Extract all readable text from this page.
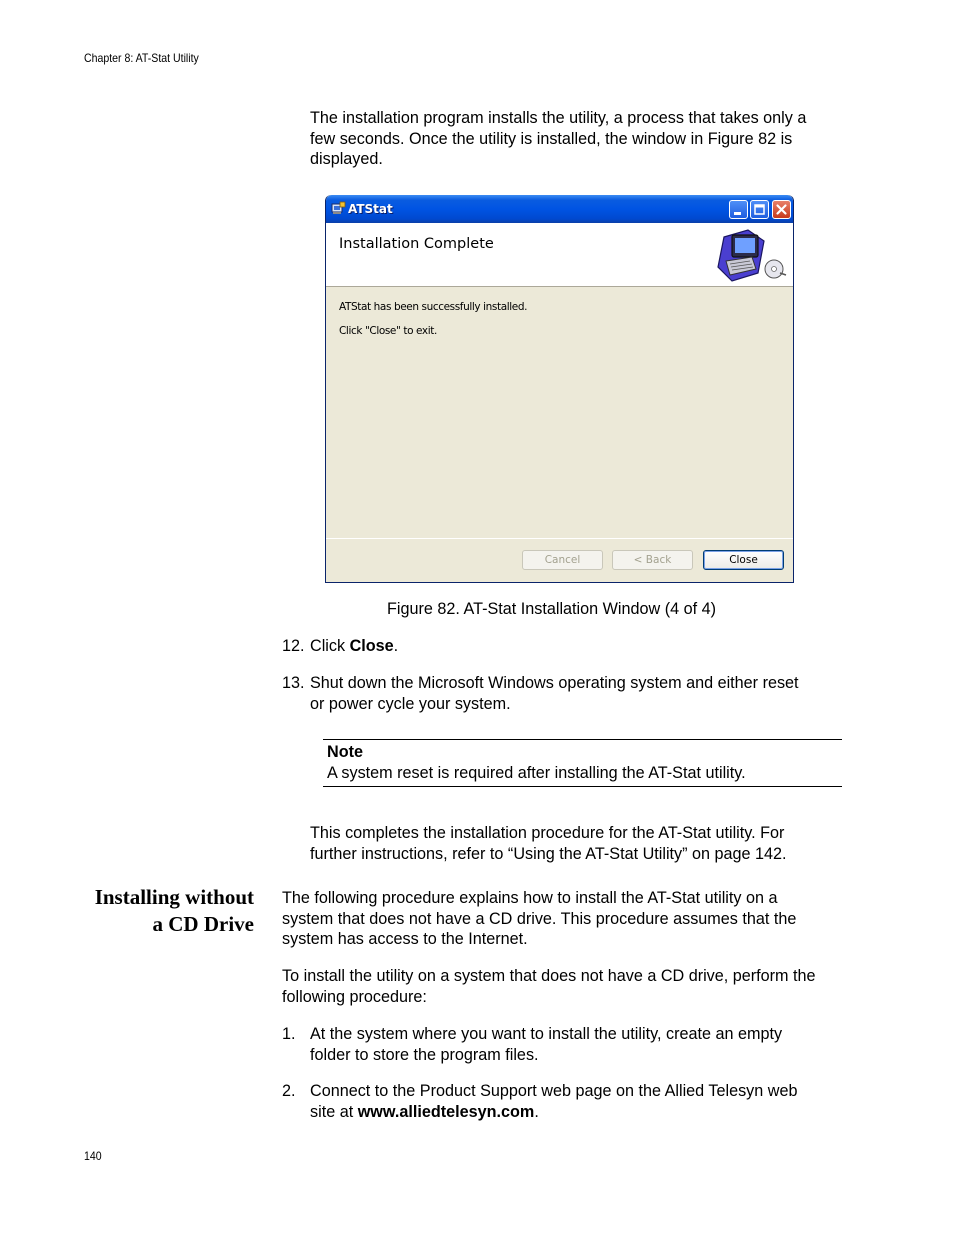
Chapter 8: AT-Stat Utility
The installation program installs the utility, a process that takes only a
few seconds. Once the utility is installed, the window in Figure 82 is
displayed.
ATStat
Installation Complete
ATStat has been successfully installed.
Click "Close" to exit.
Cancel	< Back	Close
Figure 82. AT-Stat Installation Window (4 of 4)
12. Click Close.
13. Shut down the Microsoft Windows operating system and either reset
or power cycle your system.
Note
A system reset is required after installing the AT-Stat utility.
This completes the installation procedure for the AT-Stat utility. For
further instructions, refer to “Using the AT-Stat Utility” on page 142.
Installing without
a CD Drive
The following procedure explains how to install the AT-Stat utility on a
system that does not have a CD drive. This procedure assumes that the
system has access to the Internet.
To install the utility on a system that does not have a CD drive, perform the
following procedure:
1. At the system where you want to install the utility, create an empty
folder to store the program files.
2. Connect to the Product Support web page on the Allied Telesyn web
site at www.alliedtelesyn.com.
140
